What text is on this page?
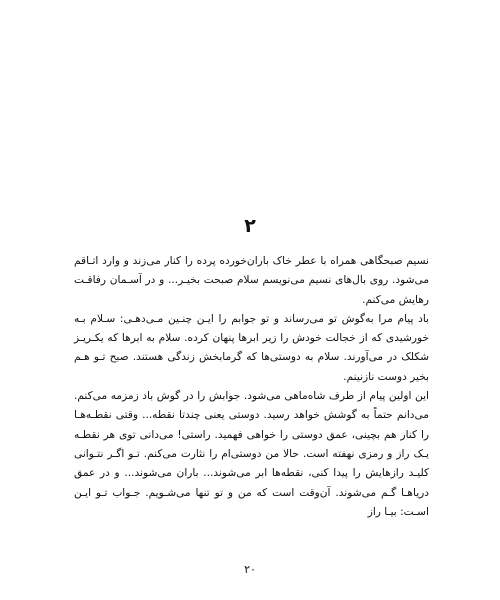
۲

نسیم صبحگاهی همراه با عطر خاک باران‌خورده پرده را کنار می‌زند و وارد اتـاقم می‌شود. روی بال‌های نسیم می‌نویسم سلام صبحت بخیـر... و در آسـمان رفاقـت رهایش می‌کنم.

باد پیام مرا به‌گوش تو می‌رساند و تو جوابم را ایـن چنـین مـی‌دهـی: سـلام بـه خورشیدی که از خجالت خودش را زیر ابرها پنهان کرده. سلام به ابرها که یکـریـز شکلک در می‌آورند. سلام به دوستی‌ها که گرمابخش زندگی هستند. صبح تـو هـم بخیر دوست نازنینم.

این اولین پیام از طرف شاه‌ماهی می‌شود. جوابش را در گوش باد زمزمه می‌کنم. می‌دانم حتماً به گوشش خواهد رسید. دوستی یعنی چندتا نقطه... وقتی نقطـه‌هـا را کنار هم بچینی، عمق دوستی را خواهی فهمید. راستی! می‌دانی توی هر نقطـه یـک راز و رمزی نهفته است. حالا من دوستی‌ام را نثارت می‌کنم. تـو اگـر نتـوانی کلیـد رازهایش را پیدا کنی، نقطه‌ها ابر می‌شوند... باران می‌شوند... و در عمق دریاهـا گـم می‌شوند. آن‌وقت است که من و تو تنها می‌شـویم. جـواب تـو ایـن اسـت: بیـا راز

۲۰
